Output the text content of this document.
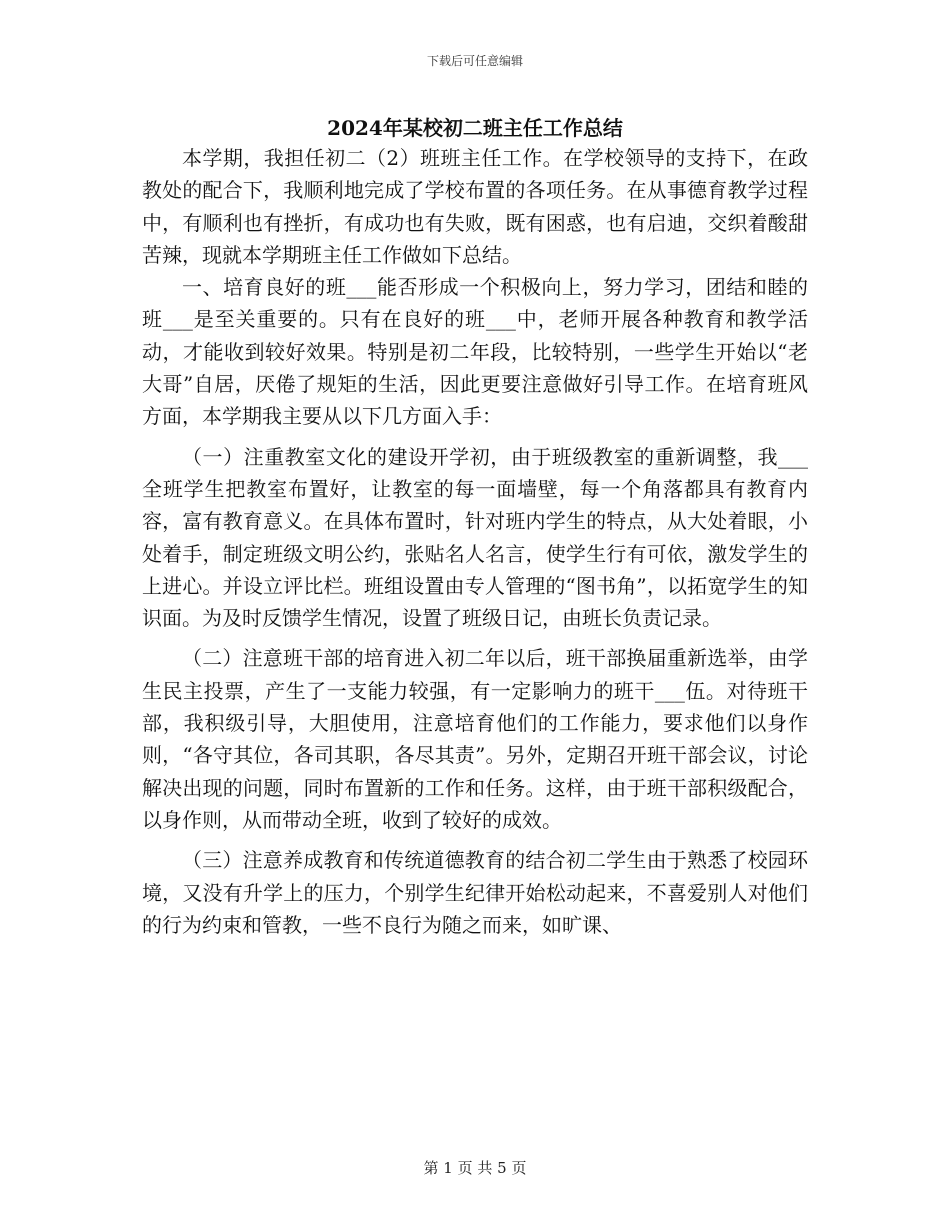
下载后可任意编辑
2024年某校初二班主任工作总结

本学期，我担任初二（2）班班主任工作。在学校领导的支持下，在政教处的配合下，我顺利地完成了学校布置的各项任务。在从事德育教学过程中，有顺利也有挫折，有成功也有失败，既有困惑，也有启迪，交织着酸甜苦辣，现就本学期班主任工作做如下总结。

一、培育良好的班___能否形成一个积极向上，努力学习，团结和睦的班___是至关重要的。只有在良好的班___中，老师开展各种教育和教学活动，才能收到较好效果。特别是初二年段，比较特别，一些学生开始以“老大哥”自居，厌倦了规矩的生活，因此更要注意做好引导工作。在培育班风方面，本学期我主要从以下几方面入手：

（一）注重教室文化的建设开学初，由于班级教室的重新调整，我___全班学生把教室布置好，让教室的每一面墙壁，每一个角落都具有教育内容，富有教育意义。在具体布置时，针对班内学生的特点，从大处着眼，小处着手，制定班级文明公约，张贴名人名言，使学生行有可依，激发学生的上进心。并设立评比栏。班组设置由专人管理的“图书角”，以拓宽学生的知识面。为及时反馈学生情况，设置了班级日记，由班长负责记录。

（二）注意班干部的培育进入初二年以后，班干部换届重新选举，由学生民主投票，产生了一支能力较强，有一定影响力的班干___伍。对待班干部，我积级引导，大胆使用，注意培育他们的工作能力，要求他们以身作则，“各守其位，各司其职，各尽其责”。另外，定期召开班干部会议，讨论解决出现的问题，同时布置新的工作和任务。这样，由于班干部积级配合，以身作则，从而带动全班，收到了较好的成效。

（三）注意养成教育和传统道德教育的结合初二学生由于熟悉了校园环境，又没有升学上的压力，个别学生纪律开始松动起来，不喜爱别人对他们的行为约束和管教，一些不良行为随之而来，如旷课、

第 1 页 共 5 页
